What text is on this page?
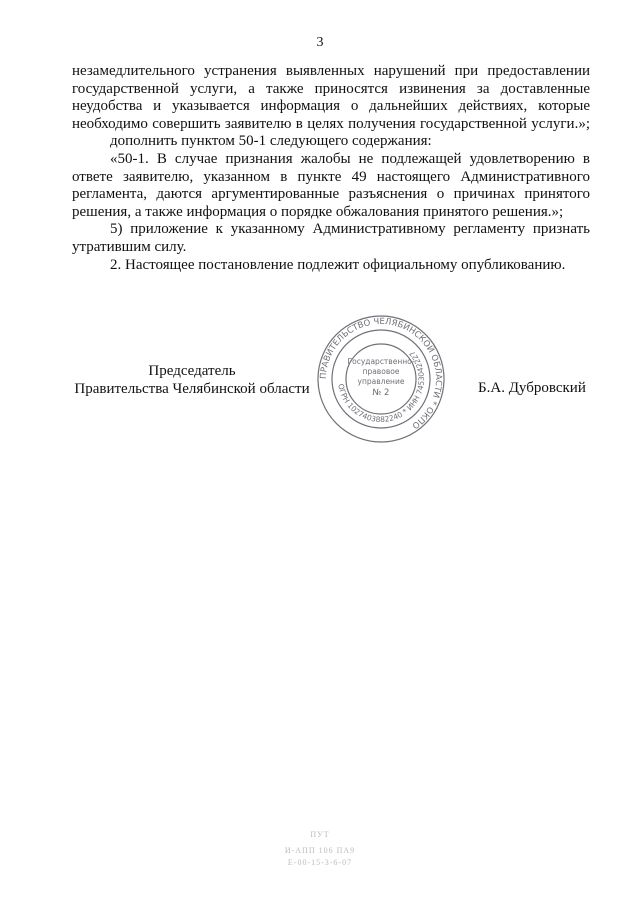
3

незамедлительного устранения выявленных нарушений при предоставлении государственной услуги, а также приносятся извинения за доставленные неудобства и указывается информация о дальнейших действиях, которые необходимо совершить заявителю в целях получения государственной услуги.»;

дополнить пунктом 50-1 следующего содержания:

«50-1. В случае признания жалобы не подлежащей удовлетворению в ответе заявителю, указанном в пункте 49 настоящего Административного регламента, даются аргументированные разъяснения о причинах принятого решения, а также информация о порядке обжалования принятого решения.»;

5) приложение к указанному Административному регламенту признать утратившим силу.

2. Настоящее постановление подлежит официальному опубликованию.

Председатель
Правительства Челябинской области
ПРАВИТЕЛЬСТВО ЧЕЛЯБИНСКОЙ ОБЛАСТИ * ОКПО
ОГРН 1027403882240 * ИНН 7453042227
Государственно-
правовое
управление
№ 2	Б.А. Дубровский
ПУТ
И-АПП 106 ПА9
Е-00-15-3-6-07
